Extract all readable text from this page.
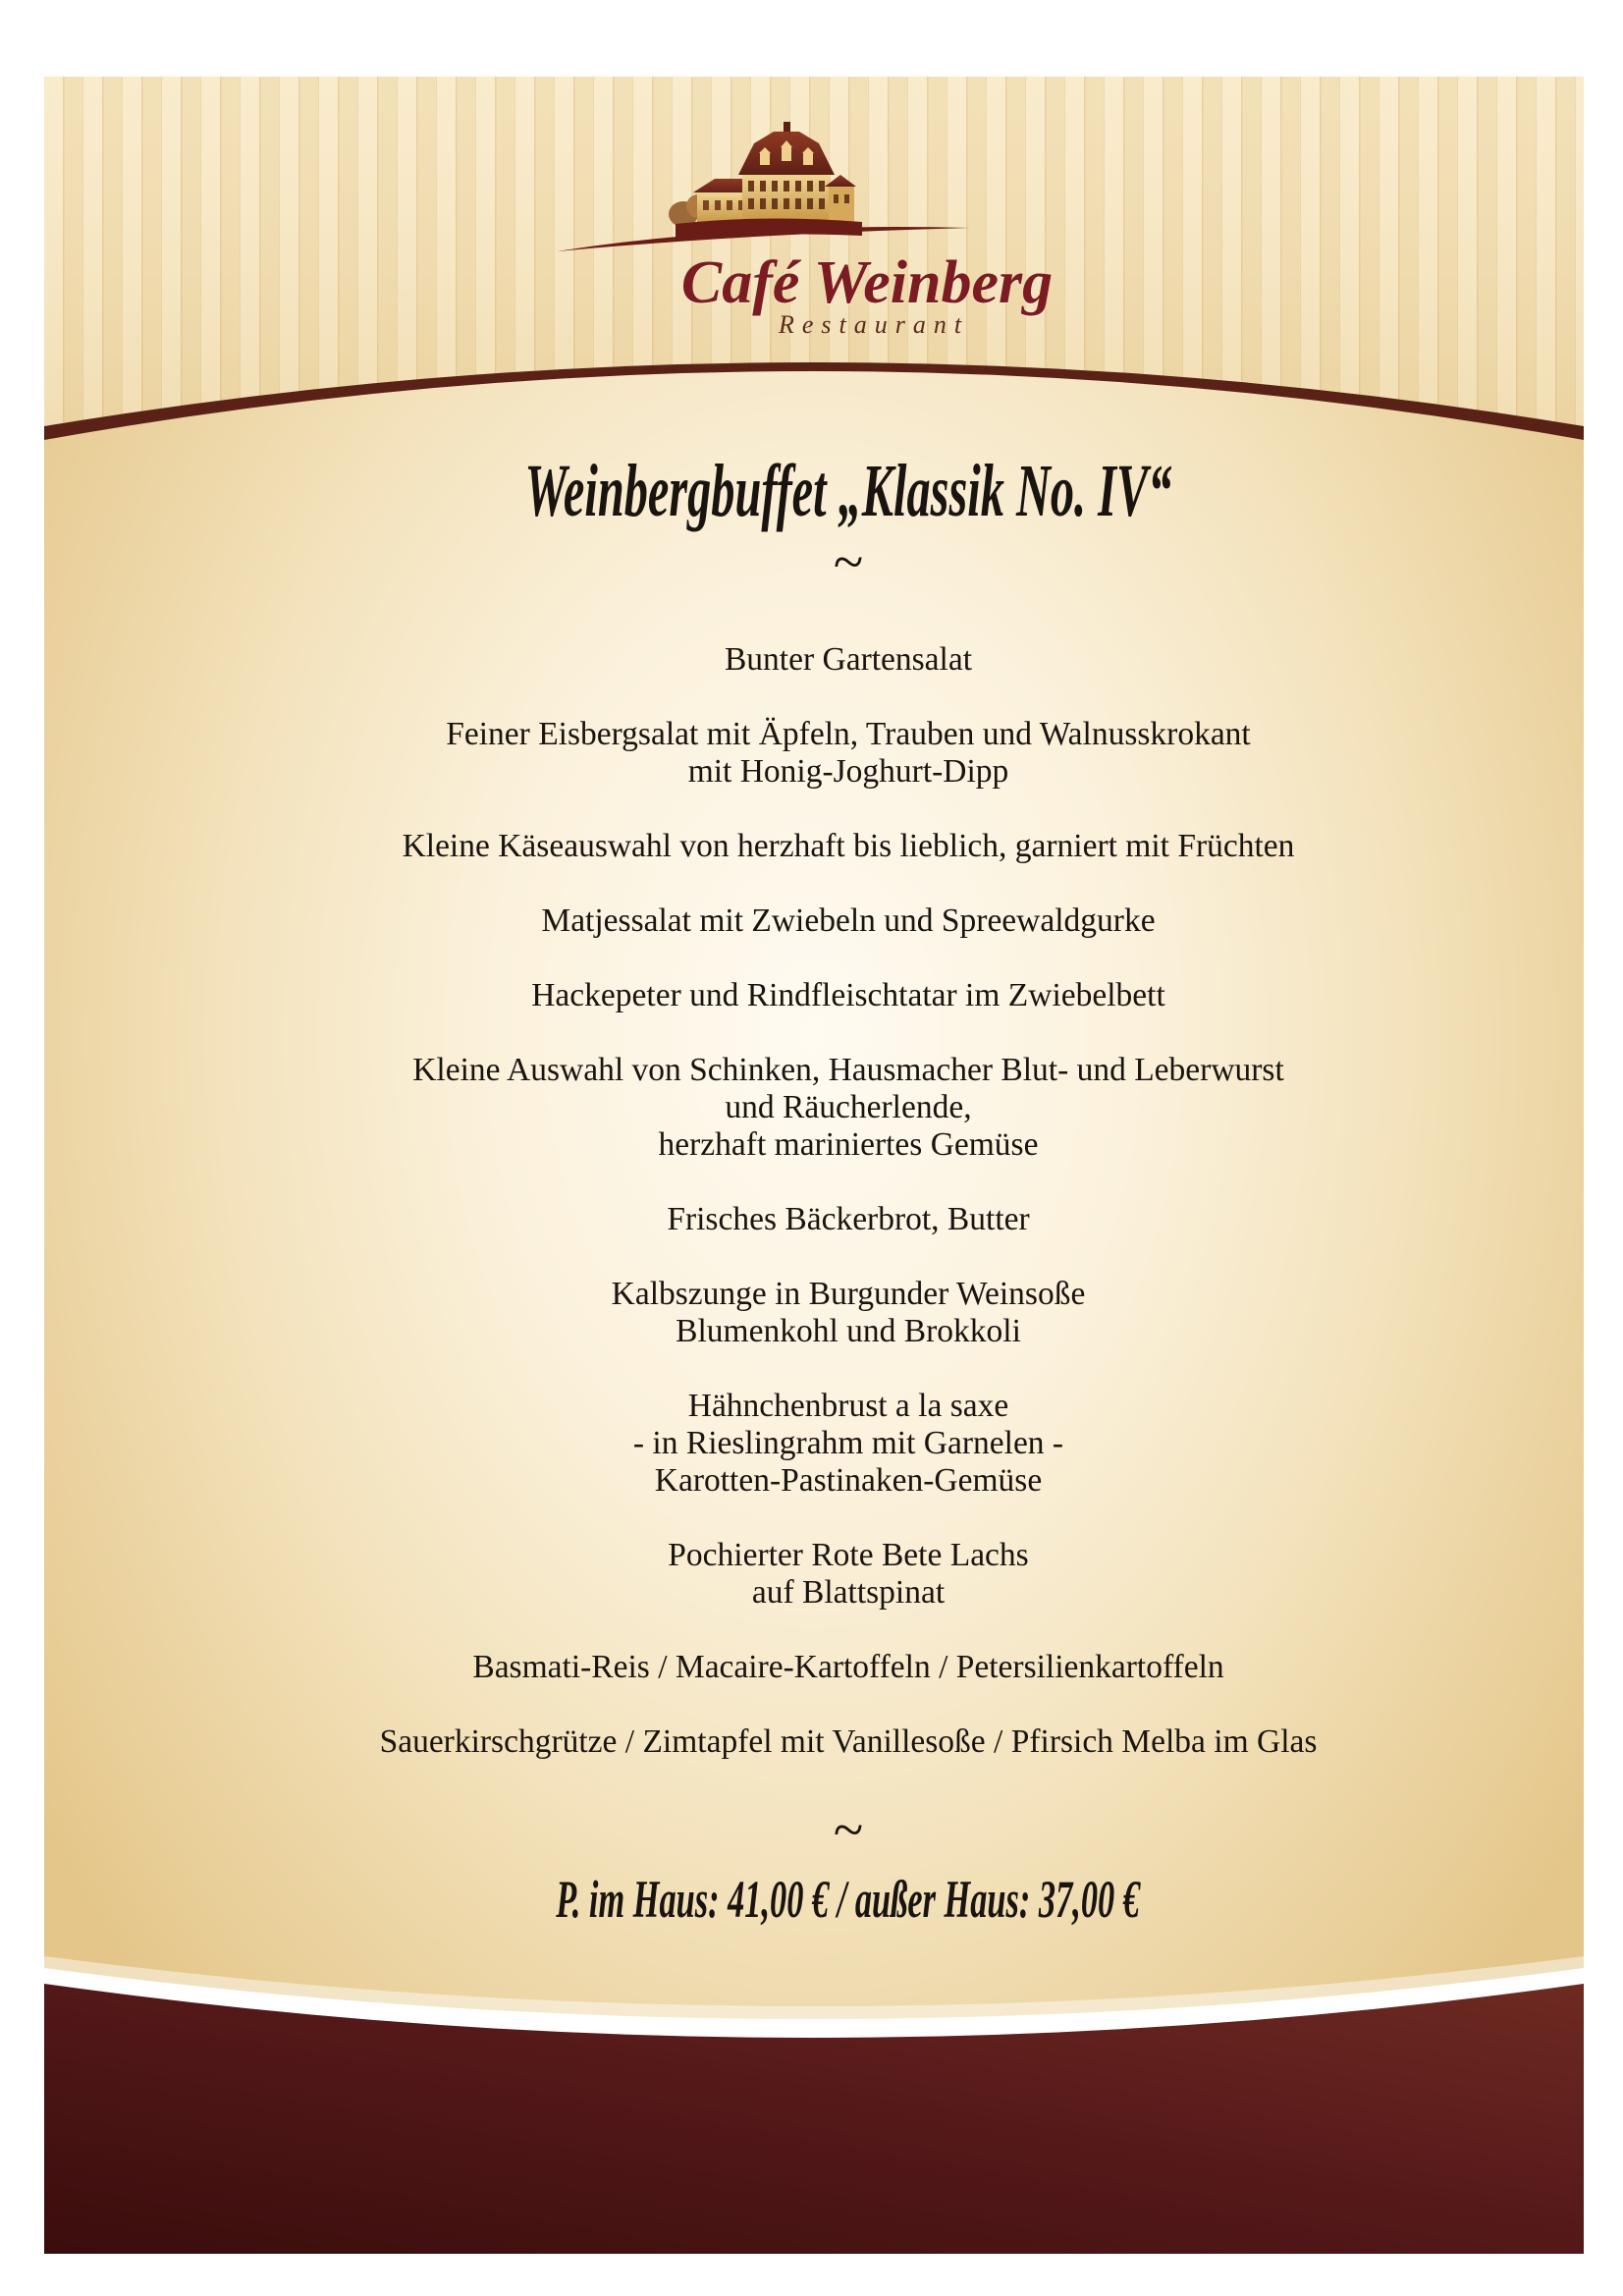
Café Weinberg
Restaurant
Weinbergbuffet „Klassik No. IV“
~
Bunter Gartensalat
Feiner Eisbergsalat mit Äpfeln, Trauben und Walnusskrokant
mit Honig-Joghurt-Dipp
Kleine Käseauswahl von herzhaft bis lieblich, garniert mit Früchten
Matjessalat mit Zwiebeln und Spreewaldgurke
Hackepeter und Rindfleischtatar im Zwiebelbett
Kleine Auswahl von Schinken, Hausmacher Blut- und Leberwurst
und Räucherlende,
herzhaft mariniertes Gemüse
Frisches Bäckerbrot, Butter
Kalbszunge in Burgunder Weinsoße
Blumenkohl und Brokkoli
Hähnchenbrust a la saxe
- in Rieslingrahm mit Garnelen -
Karotten-Pastinaken-Gemüse
Pochierter Rote Bete Lachs
auf Blattspinat
Basmati-Reis / Macaire-Kartoffeln / Petersilienkartoffeln
Sauerkirschgrütze / Zimtapfel mit Vanillesoße / Pfirsich Melba im Glas
~
P. im Haus: 41,00 € / außer Haus: 37,00 €
